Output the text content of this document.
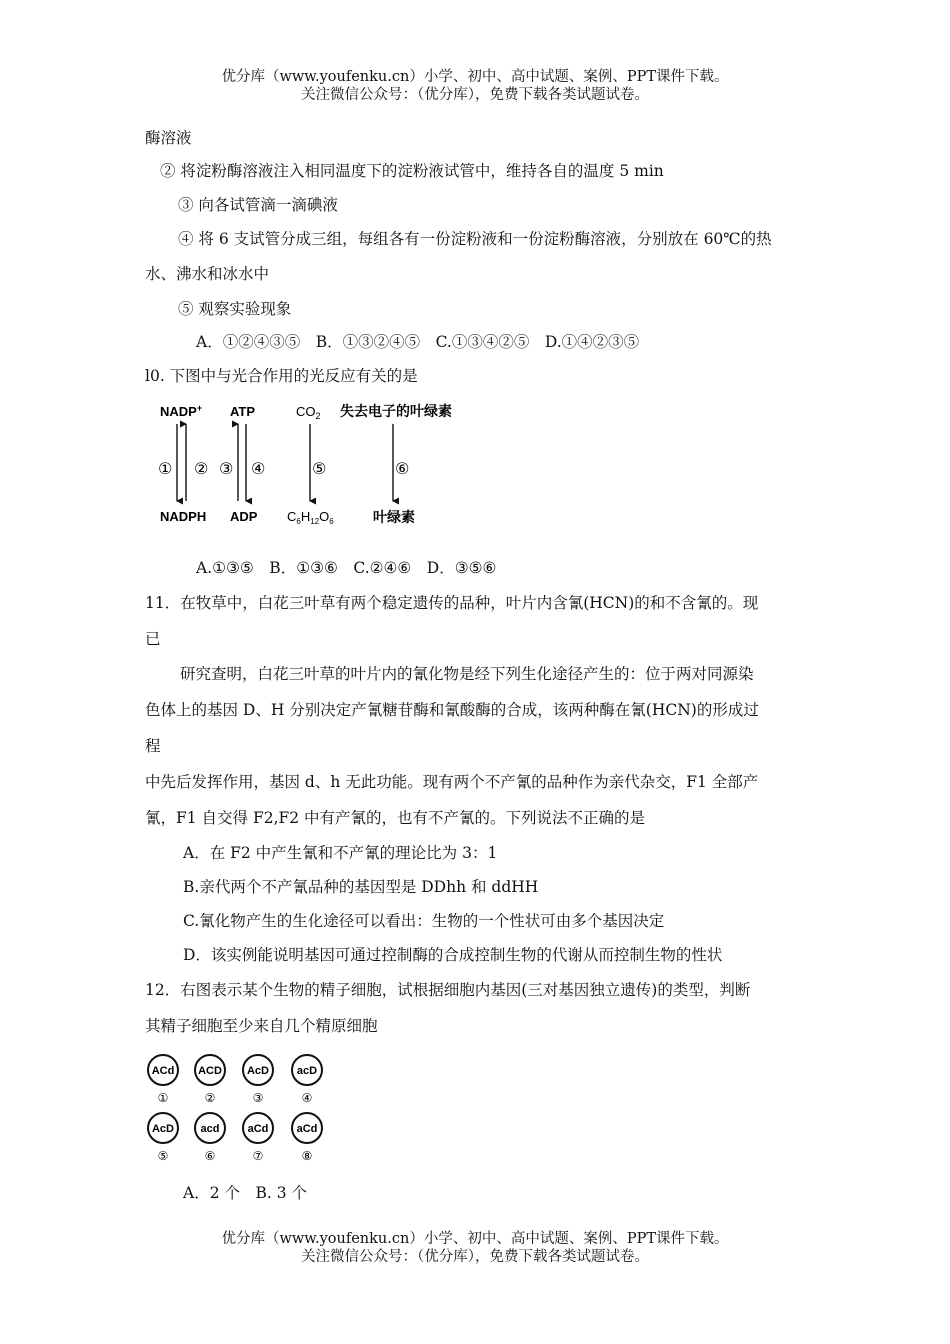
优分库（www.youfenku.cn）小学、初中、高中试题、案例、PPT课件下载。
关注微信公众号：（优分库），免费下载各类试题试卷。
酶溶液
② 将淀粉酶溶液注入相同温度下的淀粉液试管中，维持各自的温度 5 min
③ 向各试管滴一滴碘液
④ 将 6 支试管分成三组，每组各有一份淀粉液和一份淀粉酶溶液，分别放在 60℃的热
水、沸水和冰水中
⑤ 观察实验现象
A．①②④③⑤　B．①③②④⑤　C.①③④②⑤　D.①④②③⑤
l0. 下图中与光合作用的光反应有关的是
NADP+ ATP	$CO_2$ 失去电子的叶绿素
① ② ③ ④	⑤	⑥
NADPH ADP $C_6H_{12}O_6$	叶绿素
A.①③⑤　B．①③⑥　C.②④⑥　D．③⑤⑥
11．在牧草中，白花三叶草有两个稳定遗传的品种，叶片内含氰(HCN)的和不含氰的。现
已
研究查明，白花三叶草的叶片内的氰化物是经下列生化途径产生的：位于两对同源染
色体上的基因 D、H 分别决定产氰糖苷酶和氰酸酶的合成，该两种酶在氰(HCN)的形成过
程
中先后发挥作用，基因 d、h 无此功能。现有两个不产氰的品种作为亲代杂交，F1 全部产
氰，F1 自交得 F2,F2 中有产氰的，也有不产氰的。下列说法不正确的是
A．在 F2 中产生氰和不产氰的理论比为 3：1
B.亲代两个不产氰品种的基因型是 DDhh 和 ddHH
C.氰化物产生的生化途径可以看出：生物的一个性状可由多个基因决定
D．该实例能说明基因可通过控制酶的合成控制生物的代谢从而控制生物的性状
12．右图表示某个生物的精子细胞，试根据细胞内基因(三对基因独立遗传)的类型，判断
其精子细胞至少来自几个精原细胞
ACd
①
ACD
②
AcD
③
acD
④
AcD
⑤
acd
⑥
aCd
⑦
aCd
⑧
A．2 个　B. 3 个
优分库（www.youfenku.cn）小学、初中、高中试题、案例、PPT课件下载。
关注微信公众号：（优分库），免费下载各类试题试卷。
